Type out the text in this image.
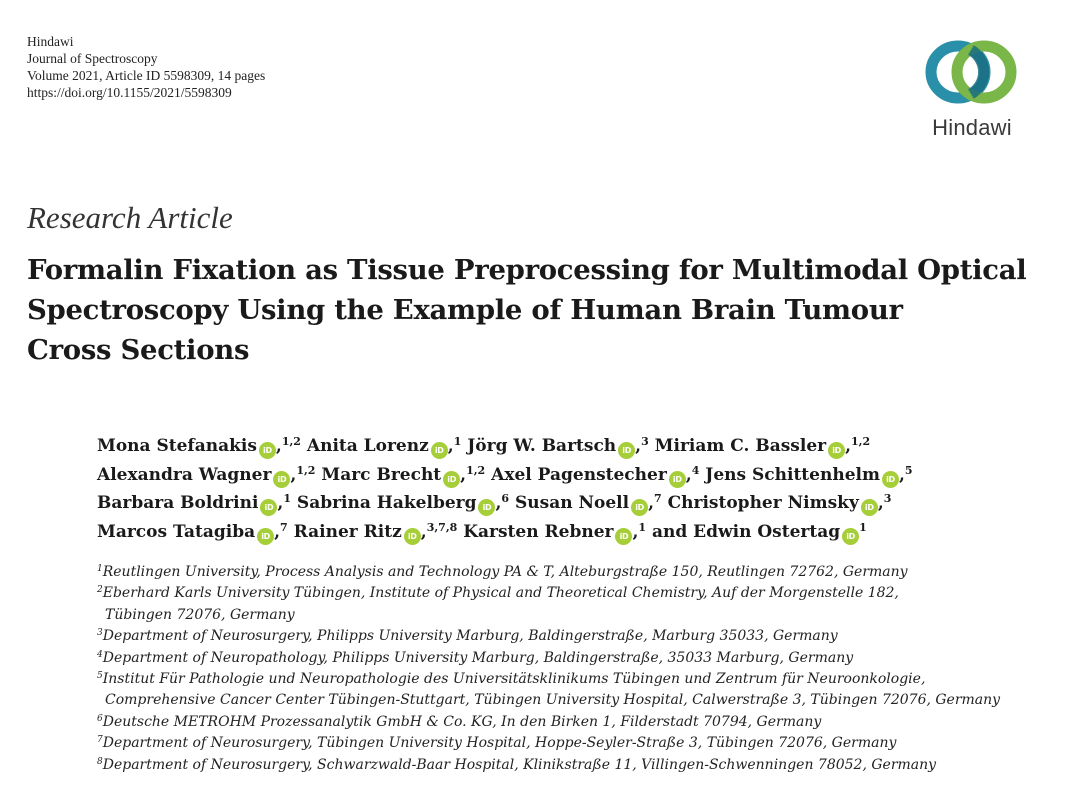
Hindawi
Journal of Spectroscopy
Volume 2021, Article ID 5598309, 14 pages
https://doi.org/10.1155/2021/5598309
Hindawi
Research Article
Formalin Fixation as Tissue Preprocessing for Multimodal Optical
Spectroscopy Using the Example of Human Brain Tumour
Cross Sections
Mona Stefanakis iD ,$^{1,2}$ Anita Lorenz iD ,$^1$ Jörg W. Bartsch iD ,$^3$ Miriam C. Bassler iD ,$^{1,2}$
Alexandra Wagner iD ,$^{1,2}$ Marc Brecht iD ,$^{1,2}$ Axel Pagenstecher iD ,$^4$ Jens Schittenhelm iD ,$^5$
Barbara Boldrini iD ,$^1$ Sabrina Hakelberg iD ,$^6$ Susan Noell iD ,$^7$ Christopher Nimsky iD ,$^3$
Marcos Tatagiba iD ,$^7$ Rainer Ritz iD ,$^{3,7,8}$ Karsten Rebner iD ,$^1$ and Edwin Ostertag $iD^1$
$^1$Reutlingen University, Process Analysis and Technology PA & T, Alteburgstraße 150, Reutlingen 72762, Germany
$^2$Eberhard Karls University Tübingen, Institute of Physical and Theoretical Chemistry, Auf der Morgenstelle 182,
Tübingen 72076, Germany
$^3$Department of Neurosurgery, Philipps University Marburg, Baldingerstraße, Marburg 35033, Germany
$^4$Department of Neuropathology, Philipps University Marburg, Baldingerstraße, 35033 Marburg, Germany
$^5$Institut Für Pathologie und Neuropathologie des Universitätsklinikums Tübingen und Zentrum für Neuroonkologie,
Comprehensive Cancer Center Tübingen-Stuttgart, Tübingen University Hospital, Calwerstraße 3, Tübingen 72076, Germany
$^6$Deutsche METROHM Prozessanalytik GmbH & Co. KG, In den Birken 1, Filderstadt 70794, Germany
$^7$Department of Neurosurgery, Tübingen University Hospital, Hoppe-Seyler-Straße 3, Tübingen 72076, Germany
$^8$Department of Neurosurgery, Schwarzwald-Baar Hospital, Klinikstraße 11, Villingen-Schwenningen 78052, Germany
